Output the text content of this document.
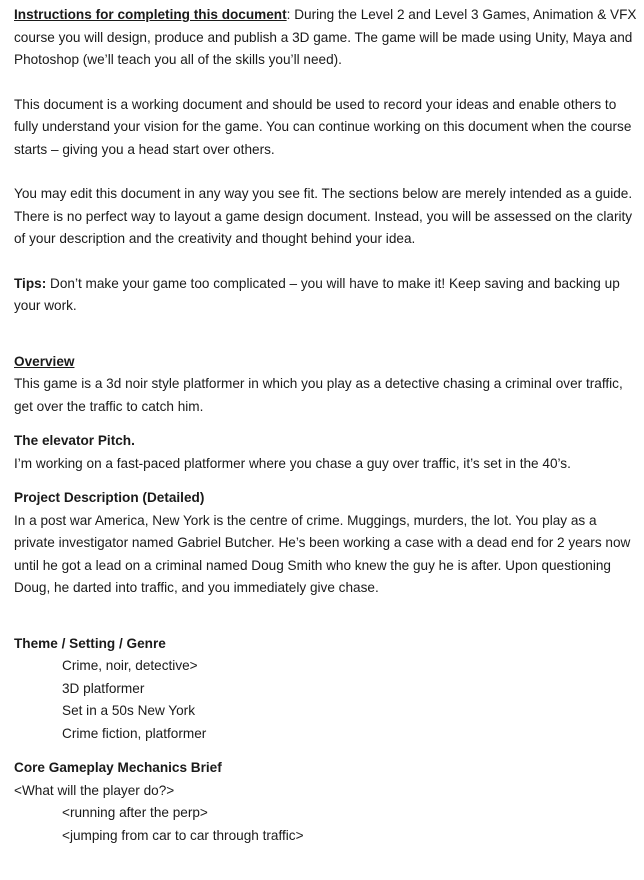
Instructions for completing this document: During the Level 2 and Level 3 Games, Animation & VFX course you will design, produce and publish a 3D game. The game will be made using Unity, Maya and Photoshop (we’ll teach you all of the skills you’ll need).

This document is a working document and should be used to record your ideas and enable others to fully understand your vision for the game. You can continue working on this document when the course starts – giving you a head start over others.

You may edit this document in any way you see fit. The sections below are merely intended as a guide. There is no perfect way to layout a game design document. Instead, you will be assessed on the clarity of your description and the creativity and thought behind your idea.

Tips: Don’t make your game too complicated – you will have to make it! Keep saving and backing up your work.

Overview

This game is a 3d noir style platformer in which you play as a detective chasing a criminal over traffic, get over the traffic to catch him.

The elevator Pitch.

I’m working on a fast-paced platformer where you chase a guy over traffic, it’s set in the 40’s.

Project Description (Detailed)

In a post war America, New York is the centre of crime. Muggings, murders, the lot. You play as a private investigator named Gabriel Butcher. He’s been working a case with a dead end for 2 years now until he got a lead on a criminal named Doug Smith who knew the guy he is after. Upon questioning Doug, he darted into traffic, and you immediately give chase.

Theme / Setting / Genre

Crime, noir, detective>

3D platformer

Set in a 50s New York

Crime fiction, platformer

Core Gameplay Mechanics Brief

<What will the player do?>

<running after the perp>

<jumping from car to car through traffic>
